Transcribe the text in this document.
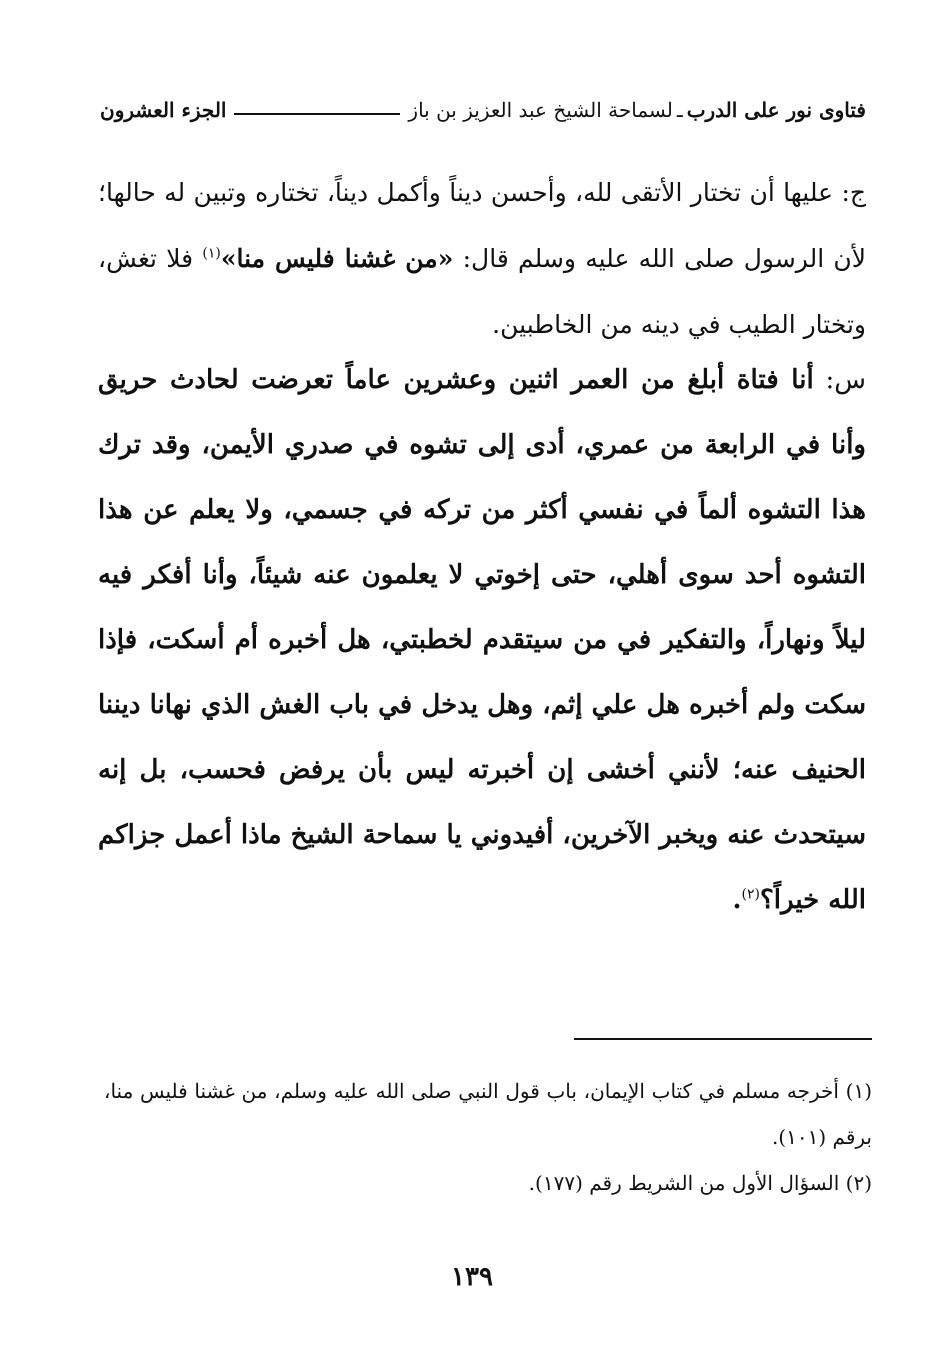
فتاوى نور على الدرب
ـ
لسماحة الشيخ عبد العزيز بن باز
الجزء العشرون
ج: عليها أن تختار الأتقى لله، وأحسن ديناً وأكمل ديناً، تختاره وتبين له حالها؛ لأن الرسول صلى الله عليه وسلم قال: «من غشنا فليس منا»$^{(١)}$ فلا تغش، وتختار الطيب في دينه من الخاطبين.
س: أنا فتاة أبلغ من العمر اثنين وعشرين عاماً تعرضت لحادث حريق وأنا في الرابعة من عمري، أدى إلى تشوه في صدري الأيمن، وقد ترك هذا التشوه ألماً في نفسي أكثر من تركه في جسمي، ولا يعلم عن هذا التشوه أحد سوى أهلي، حتى إخوتي لا يعلمون عنه شيئاً، وأنا أفكر فيه ليلاً ونهاراً، والتفكير في من سيتقدم لخطبتي، هل أخبره أم أسكت، فإذا سكت ولم أخبره هل علي إثم، وهل يدخل في باب الغش الذي نهانا ديننا الحنيف عنه؛ لأنني أخشى إن أخبرته ليس بأن يرفض فحسب، بل إنه سيتحدث عنه ويخبر الآخرين، أفيدوني يا سماحة الشيخ ماذا أعمل جزاكم الله خيراً؟$^{(٢)}$.
(١) أخرجه مسلم في كتاب الإيمان، باب قول النبي صلى الله عليه وسلم، من غشنا فليس منا، برقم (١٠١).
(٢) السؤال الأول من الشريط رقم (١٧٧).
١٣٩
